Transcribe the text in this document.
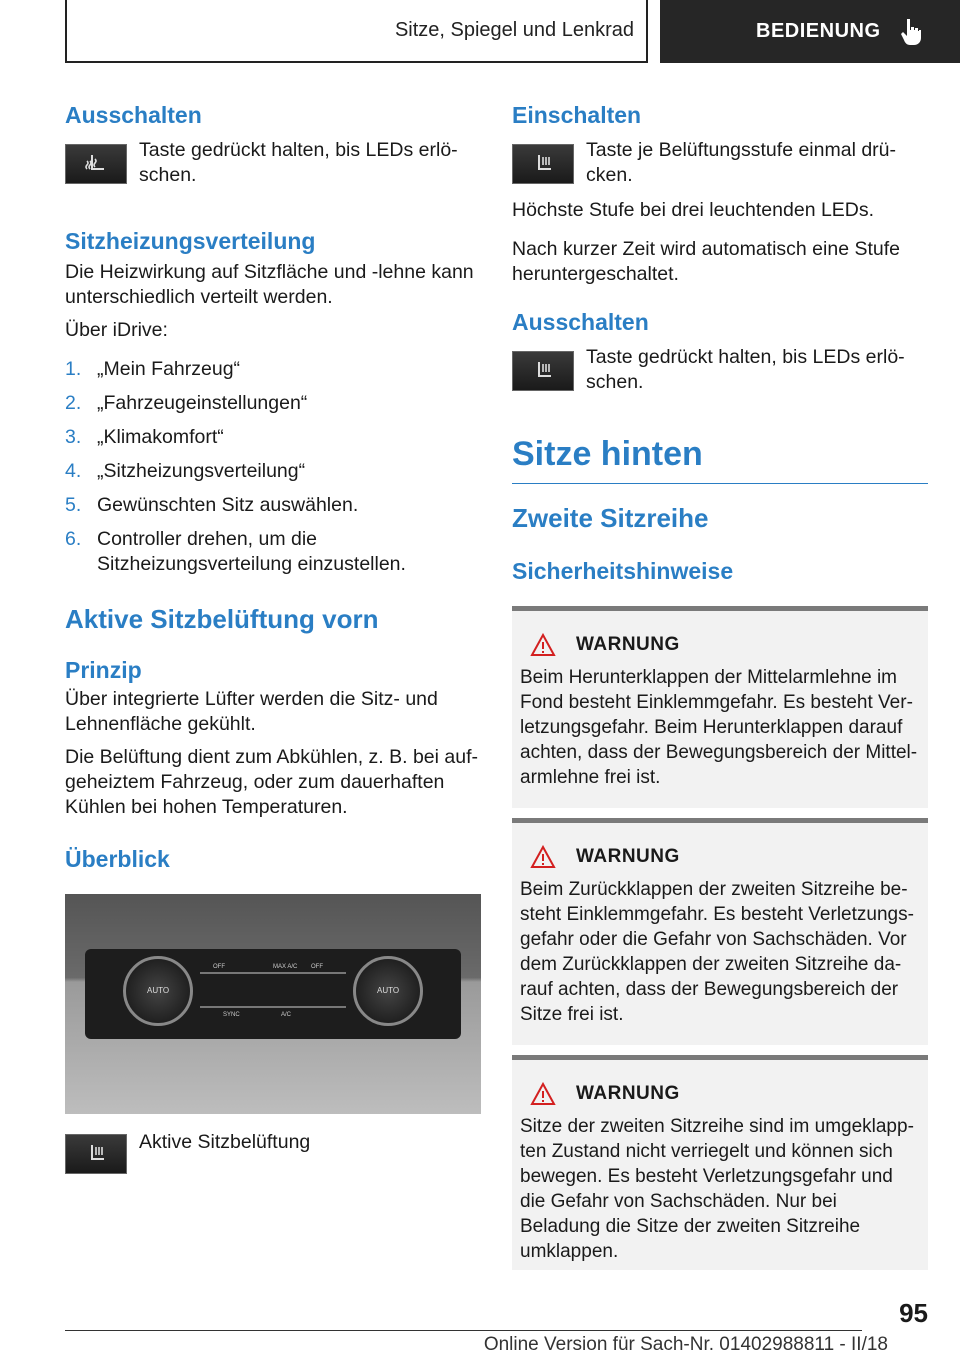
Sitze, Spiegel und Lenkrad	BEDIENUNG
Ausschalten

Taste gedrückt halten, bis LEDs erlöschen.

Sitzheizungsverteilung

Die Heizwirkung auf Sitzfläche und -lehne kann unterschiedlich verteilt werden.

Über iDrive:

1. „Mein Fahrzeug“
2. „Fahrzeugeinstellungen“
3. „Klimakomfort“
4. „Sitzheizungsverteilung“
5. Gewünschten Sitz auswählen.
6. Controller drehen, um die Sitzheizungsverteilung einzustellen.
Aktive Sitzbelüftung vorn
Prinzip

Über integrierte Lüfter werden die Sitz- und Lehnenfläche gekühlt.

Die Belüftung dient zum Abkühlen, z. B. bei aufgeheiztem Fahrzeug, oder zum dauerhaften Kühlen bei hohen Temperaturen.

Überblick
AUTO	AUTO
OFF	MAX A/C OFF
SYNC	A/C

Aktive Sitzbelüftung

Einschalten

Taste je Belüftungsstufe einmal drücken.

Höchste Stufe bei drei leuchtenden LEDs.

Nach kurzer Zeit wird automatisch eine Stufe heruntergeschaltet.

Ausschalten

Taste gedrückt halten, bis LEDs erlöschen.

Sitze hinten
Zweite Sitzreihe
Sicherheitshinweise
WARNUNG

Beim Herunterklappen der Mittelarmlehne im Fond besteht Einklemmgefahr. Es besteht Verletzungsgefahr. Beim Herunterklappen darauf achten, dass der Bewegungsbereich der Mittelarmlehne frei ist.

WARNUNG

Beim Zurückklappen der zweiten Sitzreihe besteht Einklemmgefahr. Es besteht Verletzungsgefahr oder die Gefahr von Sachschäden. Vor dem Zurückklappen der zweiten Sitzreihe darauf achten, dass der Bewegungsbereich der Sitze frei ist.

WARNUNG

Sitze der zweiten Sitzreihe sind im umgeklappten Zustand nicht verriegelt und können sich bewegen. Es besteht Verletzungsgefahr und die Gefahr von Sachschäden. Nur bei Beladung die Sitze der zweiten Sitzreihe umklappen.

95
Online Version für Sach-Nr. 01402988811 - II/18
